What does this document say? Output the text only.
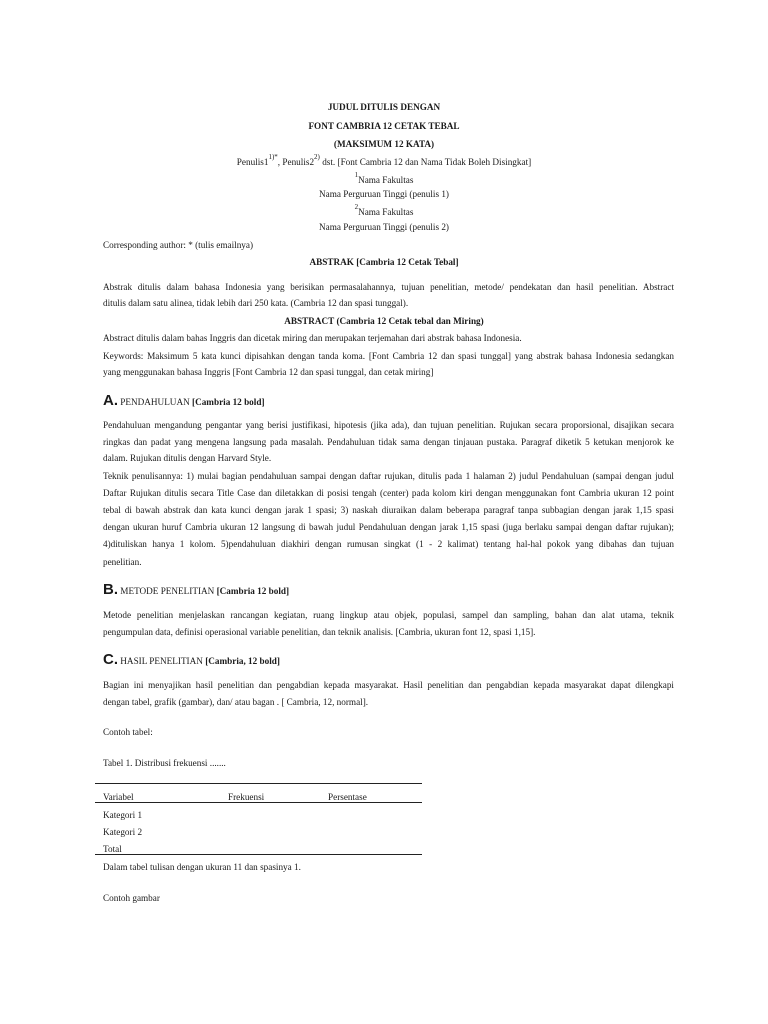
JUDUL DITULIS DENGAN
FONT CAMBRIA 12 CETAK TEBAL
(MAKSIMUM 12 KATA)
$Penulis1^{1)*}$, Penulis2$^{2)}$ dst. [Font Cambria 12 dan Nama Tidak Boleh Disingkat]
$^1$Nama Fakultas
Nama Perguruan Tinggi (penulis 1)
$^2$Nama Fakultas
Nama Perguruan Tinggi (penulis 2)
Corresponding author: * (tulis emailnya)
ABSTRAK [Cambria 12 Cetak Tebal]
Abstrak ditulis dalam bahasa Indonesia yang berisikan permasalahannya, tujuan penelitian, metode/ pendekatan dan hasil penelitian. Abstract
ditulis dalam satu alinea, tidak lebih dari 250 kata. (Cambria 12 dan spasi tunggal).
ABSTRACT (Cambria 12 Cetak tebal dan Miring)
Abstract ditulis dalam bahas Inggris dan dicetak miring dan merupakan terjemahan dari abstrak bahasa Indonesia.
Keywords: Maksimum 5 kata kunci dipisahkan dengan tanda koma. [Font Cambria 12 dan spasi tunggal] yang abstrak bahasa Indonesia sedangkan
yang menggunakan bahasa Inggris [Font Cambria 12 dan spasi tunggal, dan cetak miring]
A. PENDAHULUAN [Cambria 12 bold]
Pendahuluan mengandung pengantar yang berisi justifikasi, hipotesis (jika ada), dan tujuan penelitian. Rujukan secara proporsional, disajikan secara
ringkas dan padat yang mengena langsung pada masalah. Pendahuluan tidak sama dengan tinjauan pustaka. Paragraf diketik 5 ketukan menjorok ke
dalam. Rujukan ditulis dengan Harvard Style.
Teknik penulisannya: 1) mulai bagian pendahuluan sampai dengan daftar rujukan, ditulis pada 1 halaman 2) judul Pendahuluan (sampai dengan judul
Daftar Rujukan ditulis secara Title Case dan diletakkan di posisi tengah (center) pada kolom kiri dengan menggunakan font Cambria ukuran 12 point
tebal di bawah abstrak dan kata kunci dengan jarak 1 spasi; 3) naskah diuraikan dalam beberapa paragraf tanpa subbagian dengan jarak 1,15 spasi
dengan ukuran huruf Cambria ukuran 12 langsung di bawah judul Pendahuluan dengan jarak 1,15 spasi (juga berlaku sampai dengan daftar rujukan);
4)dituliskan hanya 1 kolom. 5)pendahuluan diakhiri dengan rumusan singkat (1 - 2 kalimat) tentang hal-hal pokok yang dibahas dan tujuan
penelitian.
B. METODE PENELITIAN [Cambria 12 bold]
Metode penelitian menjelaskan rancangan kegiatan, ruang lingkup atau objek, populasi, sampel dan sampling, bahan dan alat utama, teknik
pengumpulan data, definisi operasional variable penelitian, dan teknik analisis. [Cambria, ukuran font 12, spasi 1,15].
C. HASIL PENELITIAN [Cambria, 12 bold]
Bagian ini menyajikan hasil penelitian dan pengabdian kepada masyarakat. Hasil penelitian dan pengabdian kepada masyarakat dapat dilengkapi
dengan tabel, grafik (gambar), dan/ atau bagan . [ Cambria, 12, normal].
Contoh tabel:
Tabel 1. Distribusi frekuensi .......
Variabel	Frekuensi	Persentase
Kategori 1
Kategori 2
Total
Dalam tabel tulisan dengan ukuran 11 dan spasinya 1.
Contoh gambar
